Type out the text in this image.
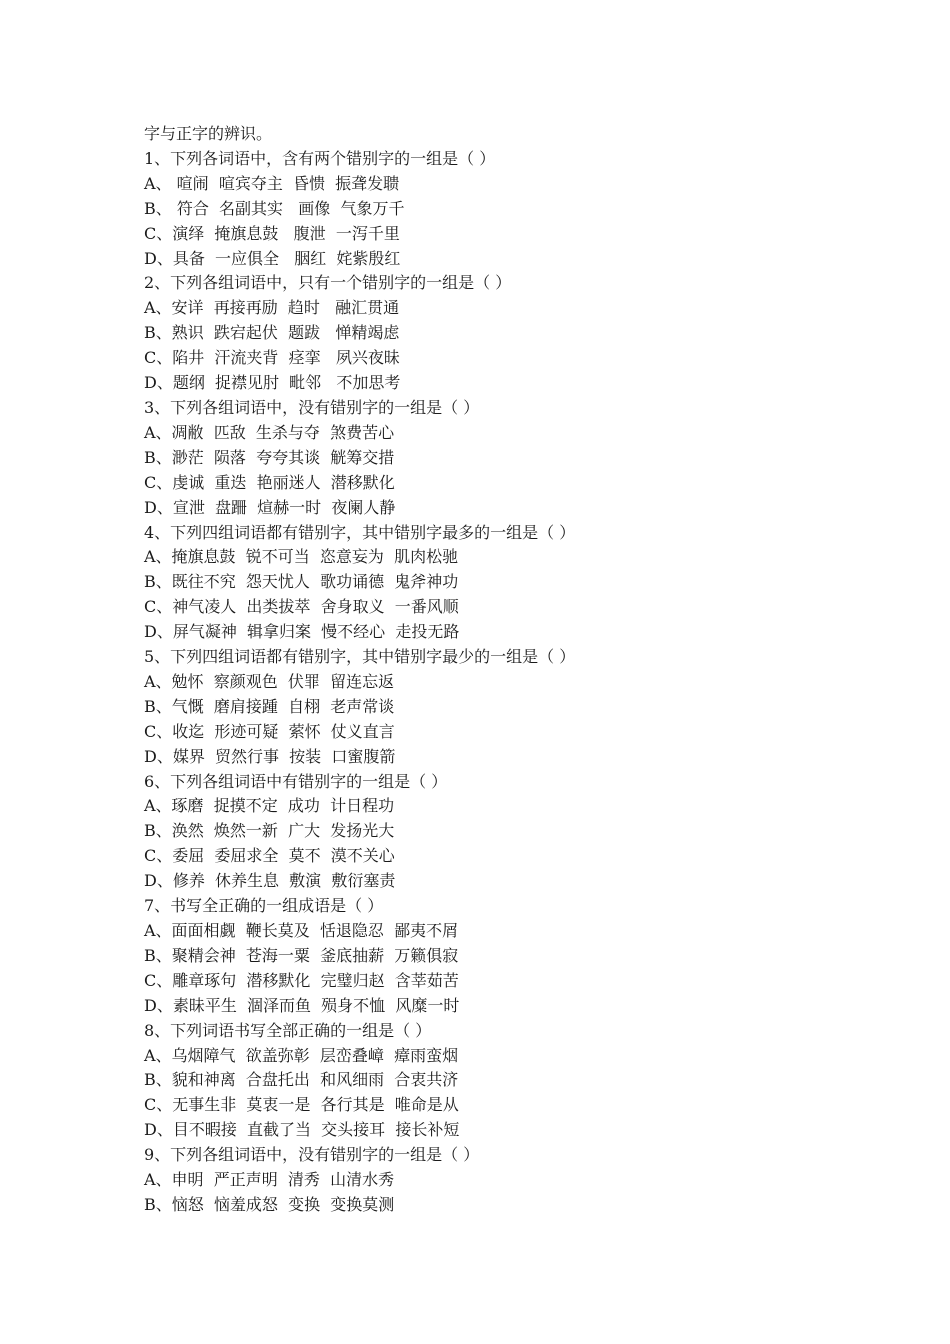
字与正字的辨识。
1、下列各词语中，含有两个错别字的一组是（ ）
A、 喧闹  喧宾夺主  昏愦  振聋发聩
B、 符合  名副其实   画像  气象万千
C、演绎  掩旗息鼓   腹泄  一泻千里
D、具备  一应俱全   胭红  姹紫殷红
2、下列各组词语中，只有一个错别字的一组是（ ）
A、安详  再接再励  趋时   融汇贯通
B、熟识  跌宕起伏  题跋   惮精竭虑
C、陷井  汗流夹背  痉挛   夙兴夜昧
D、题纲  捉襟见肘  毗邻   不加思考
3、下列各组词语中，没有错别字的一组是（ ）
A、凋敝  匹敌  生杀与夺  煞费苦心
B、渺茫  陨落  夸夸其谈  觥筹交措
C、虔诚  重迭  艳丽迷人  潜移默化
D、宣泄  盘跚  煊赫一时  夜阑人静
4、下列四组词语都有错别字，其中错别字最多的一组是（ ）
A、掩旗息鼓  锐不可当  恣意妄为  肌肉松驰
B、既往不究  怨天忧人  歌功诵德  鬼斧神功
C、神气凌人  出类拔萃  舍身取义  一番风顺
D、屏气凝神  辑拿归案  慢不经心  走投无路
5、下列四组词语都有错别字，其中错别字最少的一组是（ ）
A、勉怀  察颜观色  伏罪  留连忘返
B、气慨  磨肩接踵  自栩  老声常谈
C、收迄  形迹可疑  萦怀  仗义直言
D、媒界  贸然行事  按装  口蜜腹箭
6、下列各组词语中有错别字的一组是（ ）
A、琢磨  捉摸不定  成功  计日程功
B、涣然  焕然一新  广大  发扬光大
C、委屈  委屈求全  莫不  漠不关心
D、修养  休养生息  敷演  敷衍塞责
7、书写全正确的一组成语是（ ）
A、面面相觑  鞭长莫及  恬退隐忍  鄙夷不屑
B、聚精会神  苍海一粟  釜底抽薪  万籁俱寂
C、雕章琢句  潜移默化  完璧归赵  含莘茹苦
D、素昧平生  涸泽而鱼  殒身不恤  风糜一时
8、下列词语书写全部正确的一组是（ ）
A、乌烟障气  欲盖弥彰  层峦叠嶂  瘴雨蛮烟
B、貌和神离  合盘托出  和风细雨  合衷共济
C、无事生非  莫衷一是  各行其是  唯命是从
D、目不暇接  直截了当  交头接耳  接长补短
9、下列各组词语中，没有错别字的一组是（ ）
A、申明  严正声明  清秀  山清水秀
B、恼怒  恼羞成怒  变换  变换莫测
